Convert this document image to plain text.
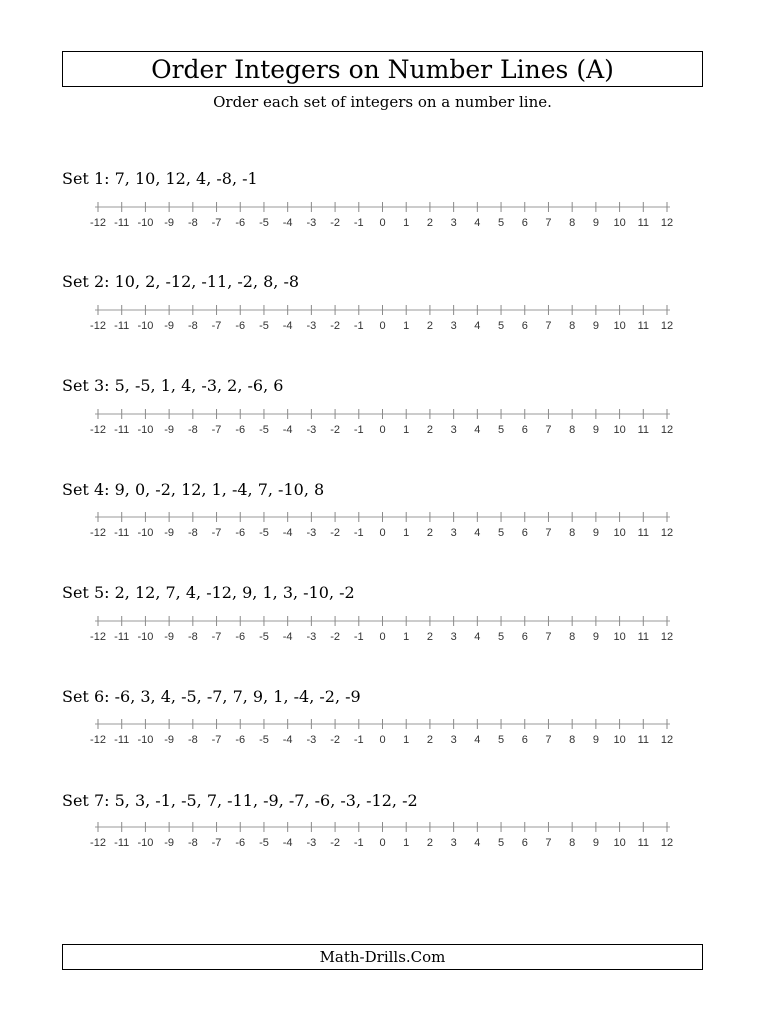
Order Integers on Number Lines (A)
Order each set of integers on a number line.
Set 1: 7, 10, 12, 4, -8, -1
-12 -11 -10 -9 -8 -7 -6 -5 -4 -3 -2 -1 0 1 2 3 4 5 6 7 8 9 10 11 12
Set 2: 10, 2, -12, -11, -2, 8, -8
-12 -11 -10 -9 -8 -7 -6 -5 -4 -3 -2 -1 0 1 2 3 4 5 6 7 8 9 10 11 12
Set 3: 5, -5, 1, 4, -3, 2, -6, 6
-12 -11 -10 -9 -8 -7 -6 -5 -4 -3 -2 -1 0 1 2 3 4 5 6 7 8 9 10 11 12
Set 4: 9, 0, -2, 12, 1, -4, 7, -10, 8
-12 -11 -10 -9 -8 -7 -6 -5 -4 -3 -2 -1 0 1 2 3 4 5 6 7 8 9 10 11 12
Set 5: 2, 12, 7, 4, -12, 9, 1, 3, -10, -2
-12 -11 -10 -9 -8 -7 -6 -5 -4 -3 -2 -1 0 1 2 3 4 5 6 7 8 9 10 11 12
Set 6: -6, 3, 4, -5, -7, 7, 9, 1, -4, -2, -9
-12 -11 -10 -9 -8 -7 -6 -5 -4 -3 -2 -1 0 1 2 3 4 5 6 7 8 9 10 11 12
Set 7: 5, 3, -1, -5, 7, -11, -9, -7, -6, -3, -12, -2
-12 -11 -10 -9 -8 -7 -6 -5 -4 -3 -2 -1 0 1 2 3 4 5 6 7 8 9 10 11 12
Math-Drills.Com
